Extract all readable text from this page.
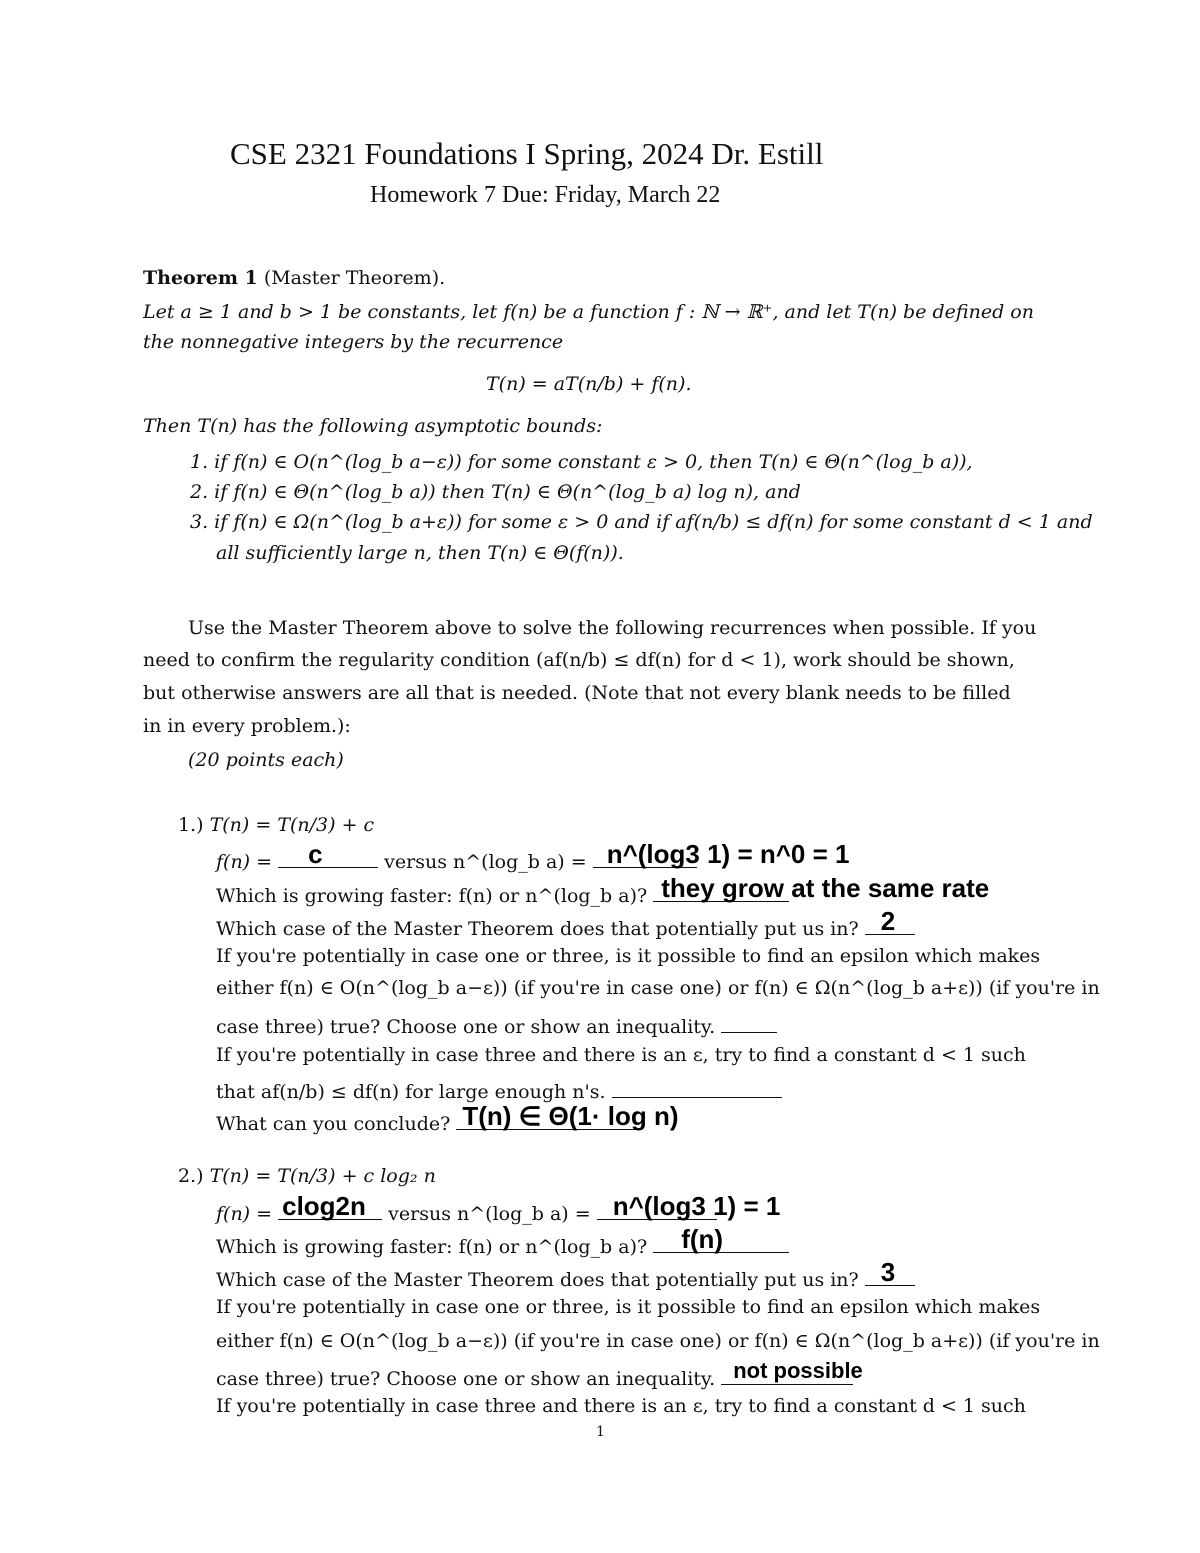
CSE 2321 Foundations I Spring, 2024 Dr. Estill
Homework 7 Due: Friday, March 22
Theorem 1 (Master Theorem).
Let a ≥ 1 and b > 1 be constants, let f(n) be a function f : ℕ → ℝ⁺, and let T(n) be defined on
the nonnegative integers by the recurrence
T(n) = aT(n/b) + f(n).
Then T(n) has the following asymptotic bounds:
1. if f(n) ∈ O(n^(log_b a−ε)) for some constant ε > 0, then T(n) ∈ Θ(n^(log_b a)),
2. if f(n) ∈ Θ(n^(log_b a)) then T(n) ∈ Θ(n^(log_b a) log n), and
3. if f(n) ∈ Ω(n^(log_b a+ε)) for some ε > 0 and if af(n/b) ≤ df(n) for some constant d < 1 and
all sufficiently large n, then T(n) ∈ Θ(f(n)).
Use the Master Theorem above to solve the following recurrences when possible. If you
need to confirm the regularity condition (af(n/b) ≤ df(n) for d < 1), work should be shown,
but otherwise answers are all that is needed. (Note that not every blank needs to be filled
in in every problem.):
(20 points each)
1.) T(n) = T(n/3) + c
f(n) = c	versus n^(log_b a) = n^(log3 1) = n^0 = 1
Which is growing faster: f(n) or n^(log_b a)? they grow at the same rate
Which case of the Master Theorem does that potentially put us in? 2
If you're potentially in case one or three, is it possible to find an epsilon which makes
either f(n) ∈ O(n^(log_b a−ε)) (if you're in case one) or f(n) ∈ Ω(n^(log_b a+ε)) (if you're in
case three) true? Choose one or show an inequality.
If you're potentially in case three and there is an ε, try to find a constant d < 1 such
that af(n/b) ≤ df(n) for large enough n's.
What can you conclude? T(n) ∈ Θ(1· log n)
2.) T(n) = T(n/3) + c log₂ n
f(n) = clog2n versus n^(log_b a) = n^(log3 1) = 1
Which is growing faster: f(n) or n^(log_b a)? f(n)
Which case of the Master Theorem does that potentially put us in? 3
If you're potentially in case one or three, is it possible to find an epsilon which makes
either f(n) ∈ O(n^(log_b a−ε)) (if you're in case one) or f(n) ∈ Ω(n^(log_b a+ε)) (if you're in
case three) true? Choose one or show an inequality. not possible
If you're potentially in case three and there is an ε, try to find a constant d < 1 such
1
